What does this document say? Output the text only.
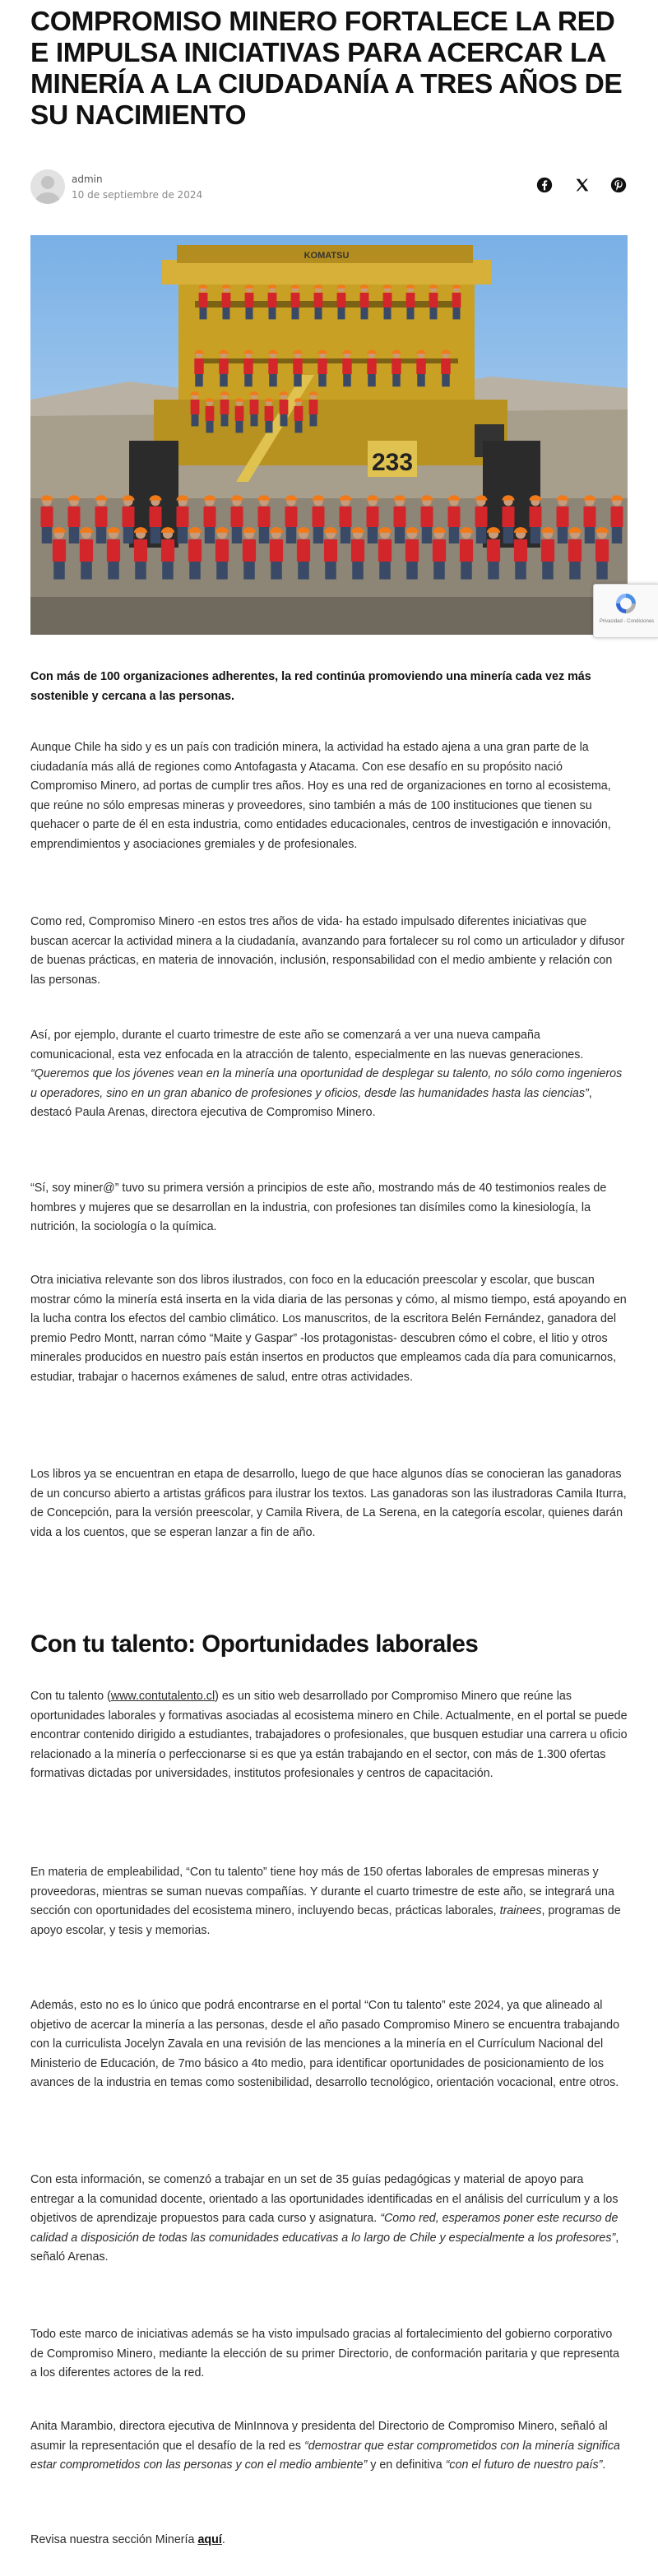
COMPROMISO MINERO FORTALECE LA RED E IMPULSA INICIATIVAS PARA ACERCAR LA MINERÍA A LA CIUDADANÍA A TRES AÑOS DE SU NACIMIENTO
admin
10 de septiembre de 2024
KOMATSU
233

Con más de 100 organizaciones adherentes, la red continúa promoviendo una minería cada vez más sostenible y cercana a las personas.

Aunque Chile ha sido y es un país con tradición minera, la actividad ha estado ajena a una gran parte de la ciudadanía más allá de regiones como Antofagasta y Atacama. Con ese desafío en su propósito nació Compromiso Minero, ad portas de cumplir tres años. Hoy es una red de organizaciones en torno al ecosistema, que reúne no sólo empresas mineras y proveedores, sino también a más de 100 instituciones que tienen su quehacer o parte de él en esta industria, como entidades educacionales, centros de investigación e innovación, emprendimientos y asociaciones gremiales y de profesionales.

Como red, Compromiso Minero -en estos tres años de vida- ha estado impulsado diferentes iniciativas que buscan acercar la actividad minera a la ciudadanía, avanzando para fortalecer su rol como un articulador y difusor de buenas prácticas, en materia de innovación, inclusión, responsabilidad con el medio ambiente y relación con las personas.

Así, por ejemplo, durante el cuarto trimestre de este año se comenzará a ver una nueva campaña comunicacional, esta vez enfocada en la atracción de talento, especialmente en las nuevas generaciones. “Queremos que los jóvenes vean en la minería una oportunidad de desplegar su talento, no sólo como ingenieros u operadores, sino en un gran abanico de profesiones y oficios, desde las humanidades hasta las ciencias”, destacó Paula Arenas, directora ejecutiva de Compromiso Minero.

“Sí, soy miner@” tuvo su primera versión a principios de este año, mostrando más de 40 testimonios reales de hombres y mujeres que se desarrollan en la industria, con profesiones tan disímiles como la kinesiología, la nutrición, la sociología o la química.

Otra iniciativa relevante son dos libros ilustrados, con foco en la educación preescolar y escolar, que buscan mostrar cómo la minería está inserta en la vida diaria de las personas y cómo, al mismo tiempo, está apoyando en la lucha contra los efectos del cambio climático. Los manuscritos, de la escritora Belén Fernández, ganadora del premio Pedro Montt, narran cómo “Maite y Gaspar” -los protagonistas- descubren cómo el cobre, el litio y otros minerales producidos en nuestro país están insertos en productos que empleamos cada día para comunicarnos, estudiar, trabajar o hacernos exámenes de salud, entre otras actividades.

Los libros ya se encuentran en etapa de desarrollo, luego de que hace algunos días se conocieran las ganadoras de un concurso abierto a artistas gráficos para ilustrar los textos. Las ganadoras son las ilustradoras Camila Iturra, de Concepción, para la versión preescolar, y Camila Rivera, de La Serena, en la categoría escolar, quienes darán vida a los cuentos, que se esperan lanzar a fin de año.

Con tu talento: Oportunidades laborales

Con tu talento (www.contutalento.cl) es un sitio web desarrollado por Compromiso Minero que reúne las oportunidades laborales y formativas asociadas al ecosistema minero en Chile. Actualmente, en el portal se puede encontrar contenido dirigido a estudiantes, trabajadores o profesionales, que busquen estudiar una carrera u oficio relacionado a la minería o perfeccionarse si es que ya están trabajando en el sector, con más de 1.300 ofertas formativas dictadas por universidades, institutos profesionales y centros de capacitación.

En materia de empleabilidad, “Con tu talento” tiene hoy más de 150 ofertas laborales de empresas mineras y proveedoras, mientras se suman nuevas compañías. Y durante el cuarto trimestre de este año, se integrará una sección con oportunidades del ecosistema minero, incluyendo becas, prácticas laborales, trainees, programas de apoyo escolar, y tesis y memorias.

Además, esto no es lo único que podrá encontrarse en el portal “Con tu talento” este 2024, ya que alineado al objetivo de acercar la minería a las personas, desde el año pasado Compromiso Minero se encuentra trabajando con la curriculista Jocelyn Zavala en una revisión de las menciones a la minería en el Currículum Nacional del Ministerio de Educación, de 7mo básico a 4to medio, para identificar oportunidades de posicionamiento de los avances de la industria en temas como sostenibilidad, desarrollo tecnológico, orientación vocacional, entre otros.

Con esta información, se comenzó a trabajar en un set de 35 guías pedagógicas y material de apoyo para entregar a la comunidad docente, orientado a las oportunidades identificadas en el análisis del currículum y a los objetivos de aprendizaje propuestos para cada curso y asignatura. “Como red, esperamos poner este recurso de calidad a disposición de todas las comunidades educativas a lo largo de Chile y especialmente a los profesores”, señaló Arenas.

Todo este marco de iniciativas además se ha visto impulsado gracias al fortalecimiento del gobierno corporativo de Compromiso Minero, mediante la elección de su primer Directorio, de conformación paritaria y que representa a los diferentes actores de la red.

Anita Marambio, directora ejecutiva de MinInnova y presidenta del Directorio de Compromiso Minero, señaló al asumir la representación que el desafío de la red es “demostrar que estar comprometidos con la minería significa estar comprometidos con las personas y con el medio ambiente” y en definitiva “con el futuro de nuestro país”.

Revisa nuestra sección Minería aquí.

Privacidad - Condiciones
